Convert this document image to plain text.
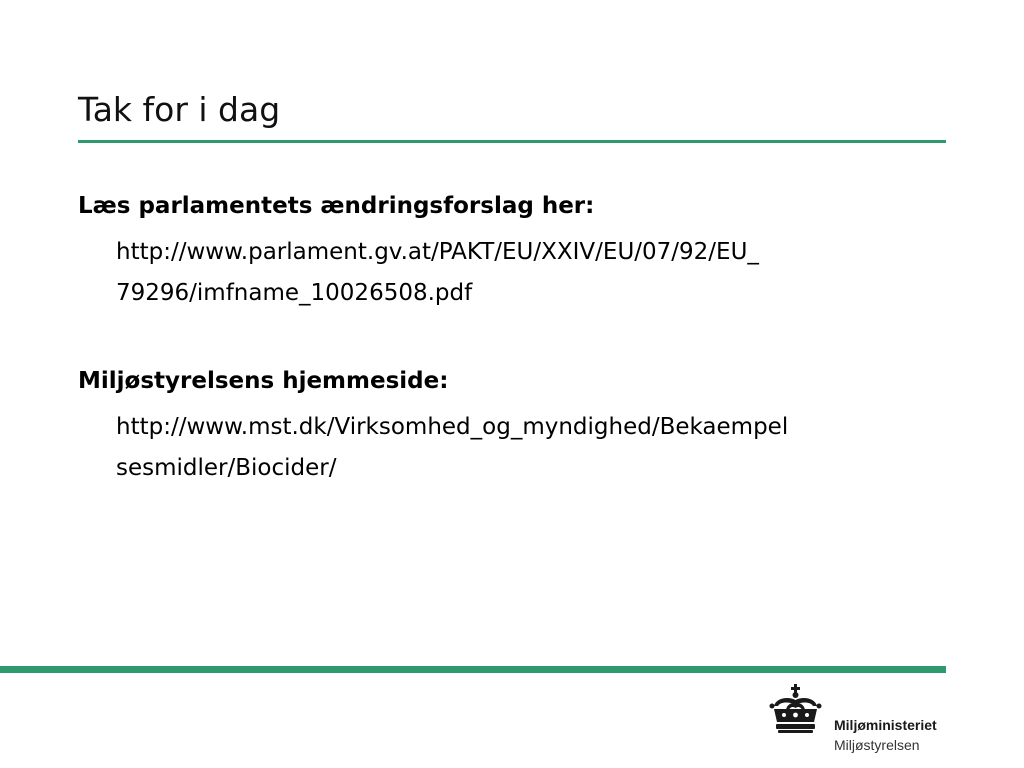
Tak for i dag

Læs parlamentets ændringsforslag her:

http://www.parlament.gv.at/PAKT/EU/XXIV/EU/07/92/EU_
79296/imfname_10026508.pdf

Miljøstyrelsens hjemmeside:

http://www.mst.dk/Virksomhed_og_myndighed/Bekaempel
sesmidler/Biocider/

Miljøministeriet
Miljøstyrelsen
